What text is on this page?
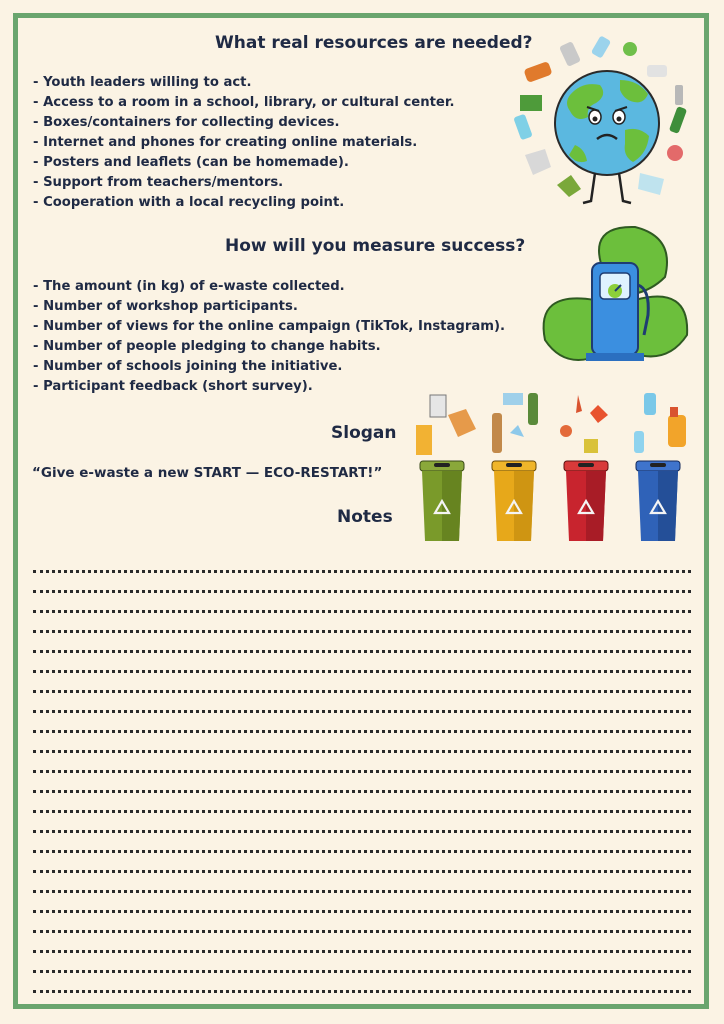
What real resources are needed?
- Youth leaders willing to act.
- Access to a room in a school, library, or cultural center.
- Boxes/containers for collecting devices.
- Internet and phones for creating online materials.
- Posters and leaflets (can be homemade).
- Support from teachers/mentors.
- Cooperation with a local recycling point.
How will you measure success?
- The amount (in kg) of e-waste collected.
- Number of workshop participants.
- Number of views for the online campaign (TikTok, Instagram).
- Number of people pledging to change habits.
- Number of schools joining the initiative.
- Participant feedback (short survey).
Slogan
“Give e-waste a new START — ECO-RESTART!”
Notes
